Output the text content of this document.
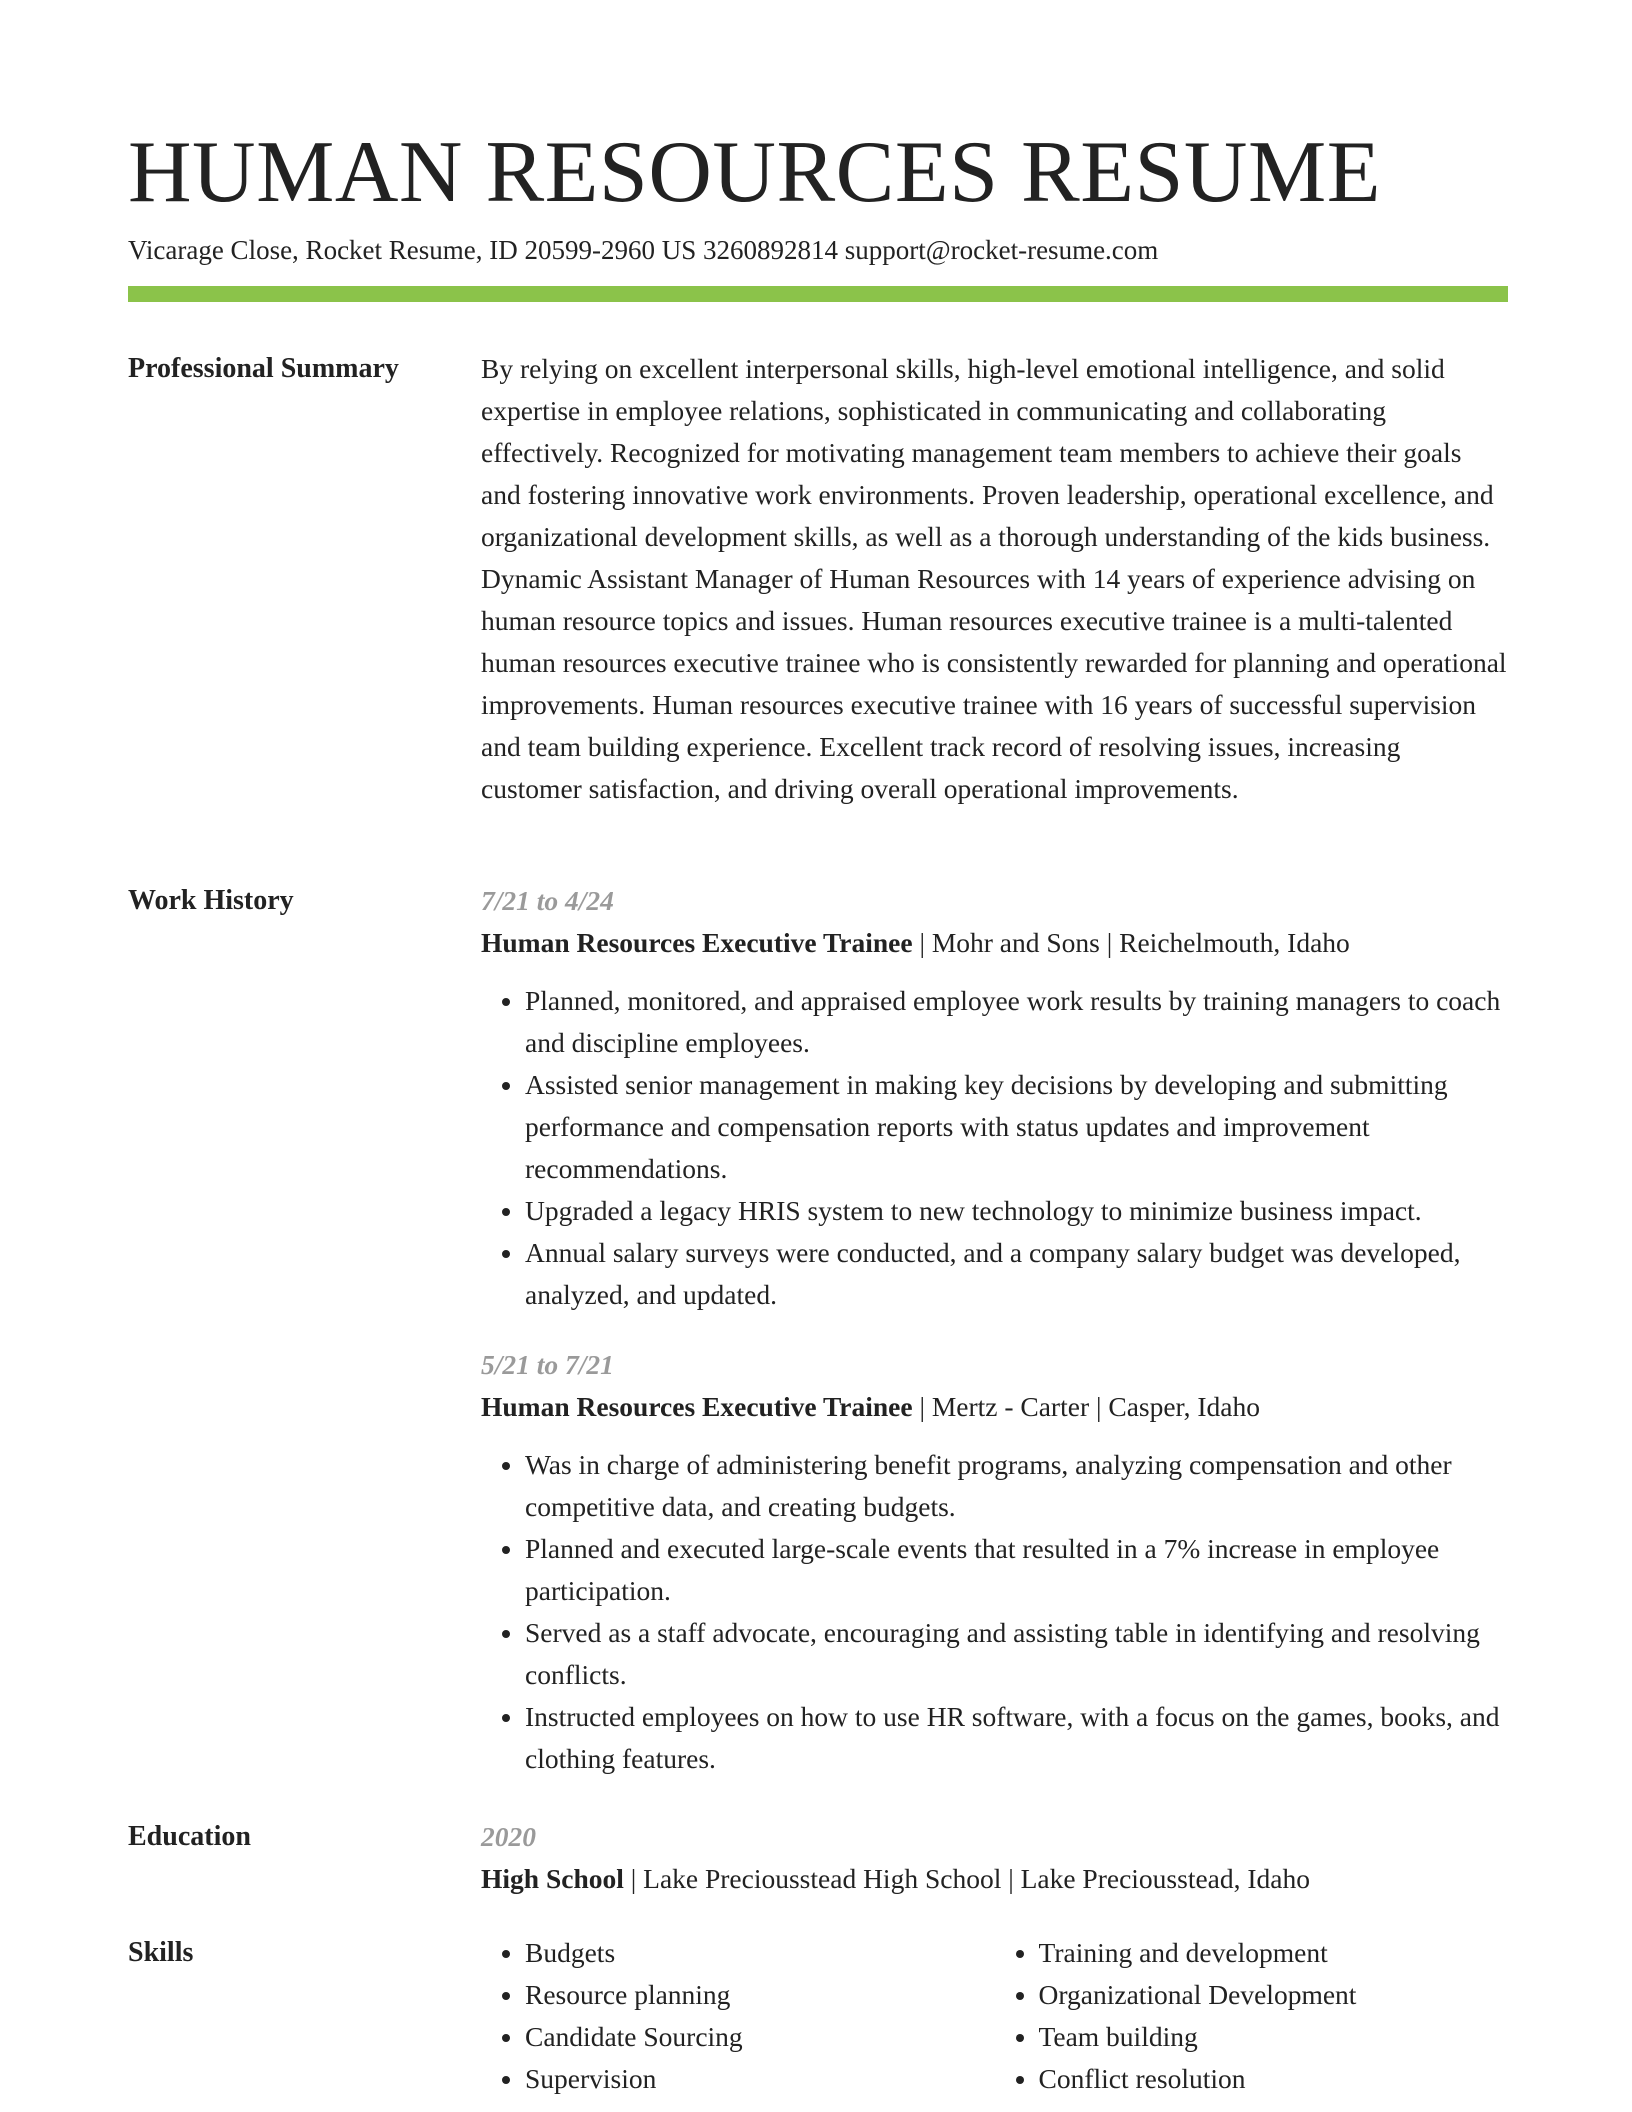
HUMAN RESOURCES RESUME
Vicarage Close, Rocket Resume, ID 20599-2960 US 3260892814 support@rocket-resume.com
Professional Summary	By relying on excellent interpersonal skills, high-level emotional intelligence, and solid expertise in employee relations, sophisticated in communicating and collaborating effectively. Recognized for motivating management team members to achieve their goals and fostering innovative work environments. Proven leadership, operational excellence, and organizational development skills, as well as a thorough understanding of the kids business. Dynamic Assistant Manager of Human Resources with 14 years of experience advising on human resource topics and issues. Human resources executive trainee is a multi-talented human resources executive trainee who is consistently rewarded for planning and operational improvements. Human resources executive trainee with 16 years of successful supervision and team building experience. Excellent track record of resolving issues, increasing customer satisfaction, and driving overall operational improvements.

Work History	7/21 to 4/24
Human Resources Executive Trainee | Mohr and Sons | Reichelmouth, Idaho
• Planned, monitored, and appraised employee work results by training managers to coach and discipline employees.
• Assisted senior management in making key decisions by developing and submitting performance and compensation reports with status updates and improvement recommendations.
• Upgraded a legacy HRIS system to new technology to minimize business impact.
• Annual salary surveys were conducted, and a company salary budget was developed, analyzed, and updated.
5/21 to 7/21
Human Resources Executive Trainee | Mertz - Carter | Casper, Idaho
• Was in charge of administering benefit programs, analyzing compensation and other competitive data, and creating budgets.
• Planned and executed large-scale events that resulted in a 7% increase in employee participation.
• Served as a staff advocate, encouraging and assisting table in identifying and resolving conflicts.
• Instructed employees on how to use HR software, with a focus on the games, books, and clothing features.
Education	2020
High School | Lake Preciousstead High School | Lake Preciousstead, Idaho
Skills
•	Budgets
• Resource planning
• Candidate Sourcing
• Supervision
• Training and development
• Organizational Development
• Team building
• Conflict resolution
